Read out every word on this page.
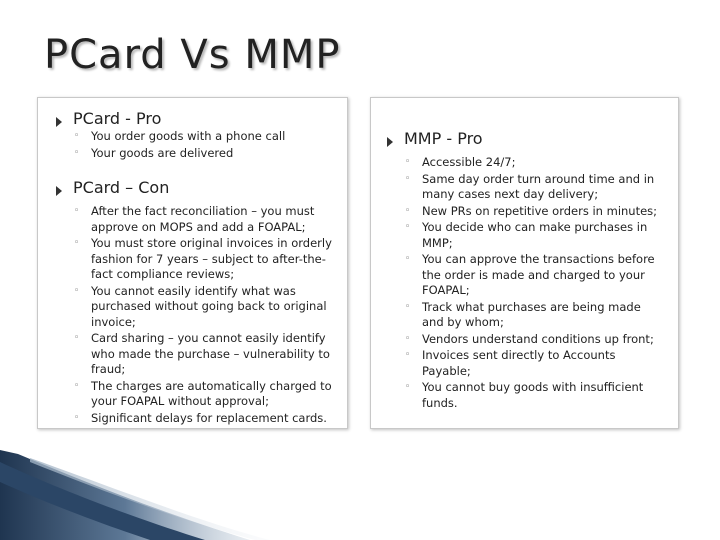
PCard Vs MMP
PCard - Pro
◦ You order goods with a phone call
◦ Your goods are delivered
PCard – Con
◦ After the fact reconciliation – you must approve on MOPS and add a FOAPAL;
◦ You must store original invoices in orderly fashion for 7 years – subject to after-the-fact compliance reviews;
◦ You cannot easily identify what was purchased without going back to original invoice;
◦ Card sharing – you cannot easily identify who made the purchase – vulnerability to fraud;
◦ The charges are automatically charged to your FOAPAL without approval;
◦ Significant delays for replacement cards.
MMP - Pro
◦ Accessible 24/7;
◦ Same day order turn around time and in many cases next day delivery;
◦ New PRs on repetitive orders in minutes;
◦ You decide who can make purchases in MMP;
◦ You can approve the transactions before the order is made and charged to your FOAPAL;
◦ Track what purchases are being made and by whom;
◦ Vendors understand conditions up front;
◦ Invoices sent directly to Accounts Payable;
◦ You cannot buy goods with insufficient funds.
